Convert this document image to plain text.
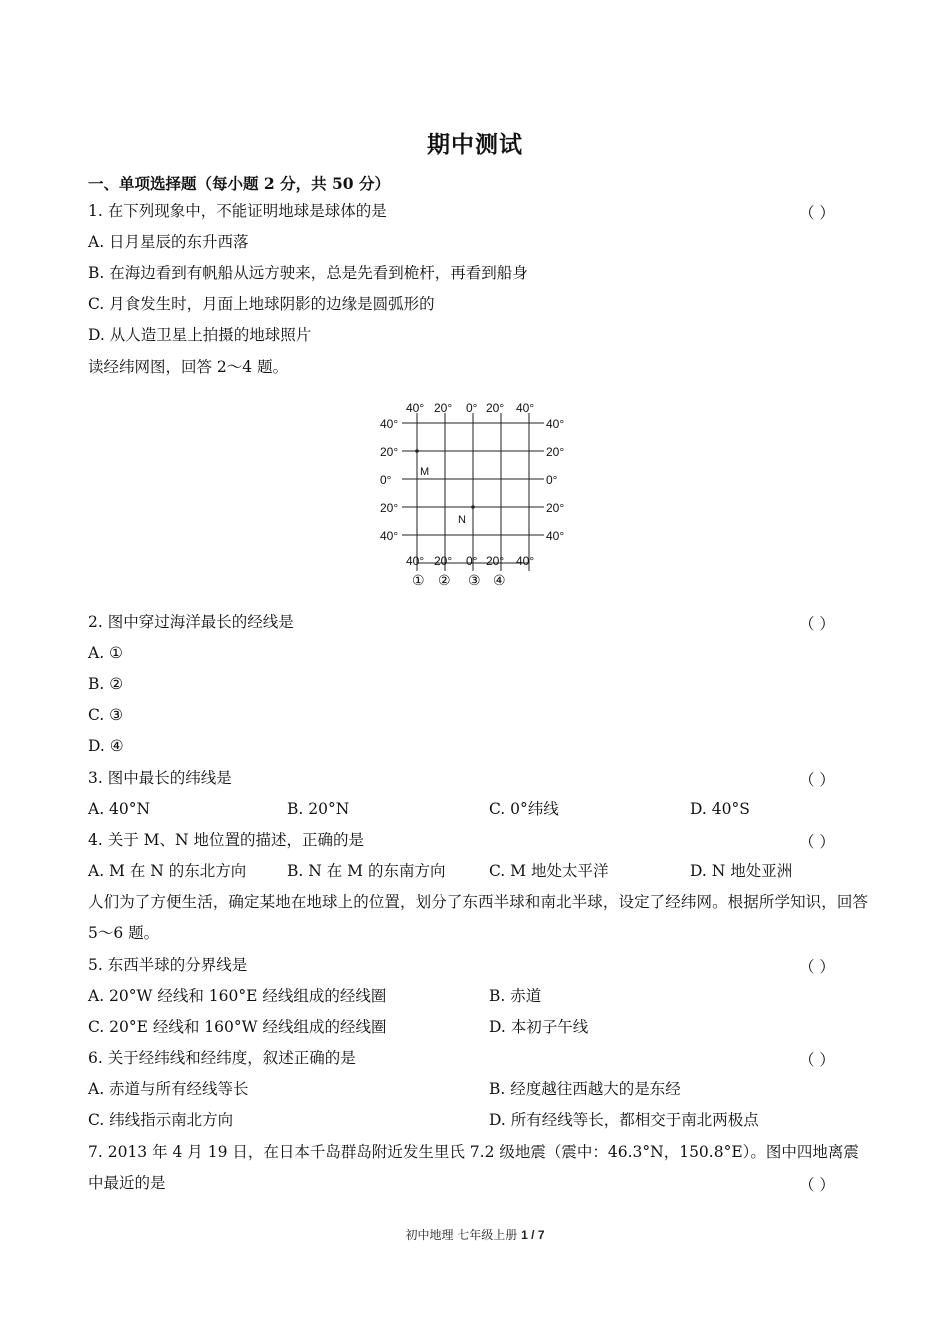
期中测试
一、单项选择题（每小题 2 分，共 50 分）
1. 在下列现象中，不能证明地球是球体的是	（ ）
A. 日月星辰的东升西落
B. 在海边看到有帆船从远方驶来，总是先看到桅杆，再看到船身
C. 月食发生时，月面上地球阴影的边缘是圆弧形的
D. 从人造卫星上拍摄的地球照片
读经纬网图，回答 2～4 题。
40° 20° 0° 20° 40°
40°
20°
0°
20°
40°
40°
20°
0°
20°
40°
40° 20° 0° 20° 40°
① ② ③ ④
M
N
2. 图中穿过海洋最长的经线是	（ ）
A. ①
B. ②
C. ③
D. ④
3. 图中最长的纬线是	（ ）
A. 40°N	B. 20°N	C. 0°纬线	D. 40°S
4. 关于 M、N 地位置的描述，正确的是	（ ）
A. M 在 N 的东北方向	B. N 在 M 的东南方向	C. M 地处太平洋	D. N 地处亚洲
人们为了方便生活，确定某地在地球上的位置，划分了东西半球和南北半球，设定了经纬网。根据所学知识，回答 5～6 题。
5. 东西半球的分界线是	（ ）
A. 20°W 经线和 160°E 经线组成的经线圈	B. 赤道
C. 20°E 经线和 160°W 经线组成的经线圈	D. 本初子午线
6. 关于经纬线和经纬度，叙述正确的是	（ ）
A. 赤道与所有经线等长	B. 经度越往西越大的是东经
C. 纬线指示南北方向	D. 所有经线等长，都相交于南北两极点
7. 2013 年 4 月 19 日，在日本千岛群岛附近发生里氏 7.2 级地震（震中：46.3°N，150.8°E）。图中四地离震
中最近的是	（ ）
初中地理 七年级上册 1 / 7
